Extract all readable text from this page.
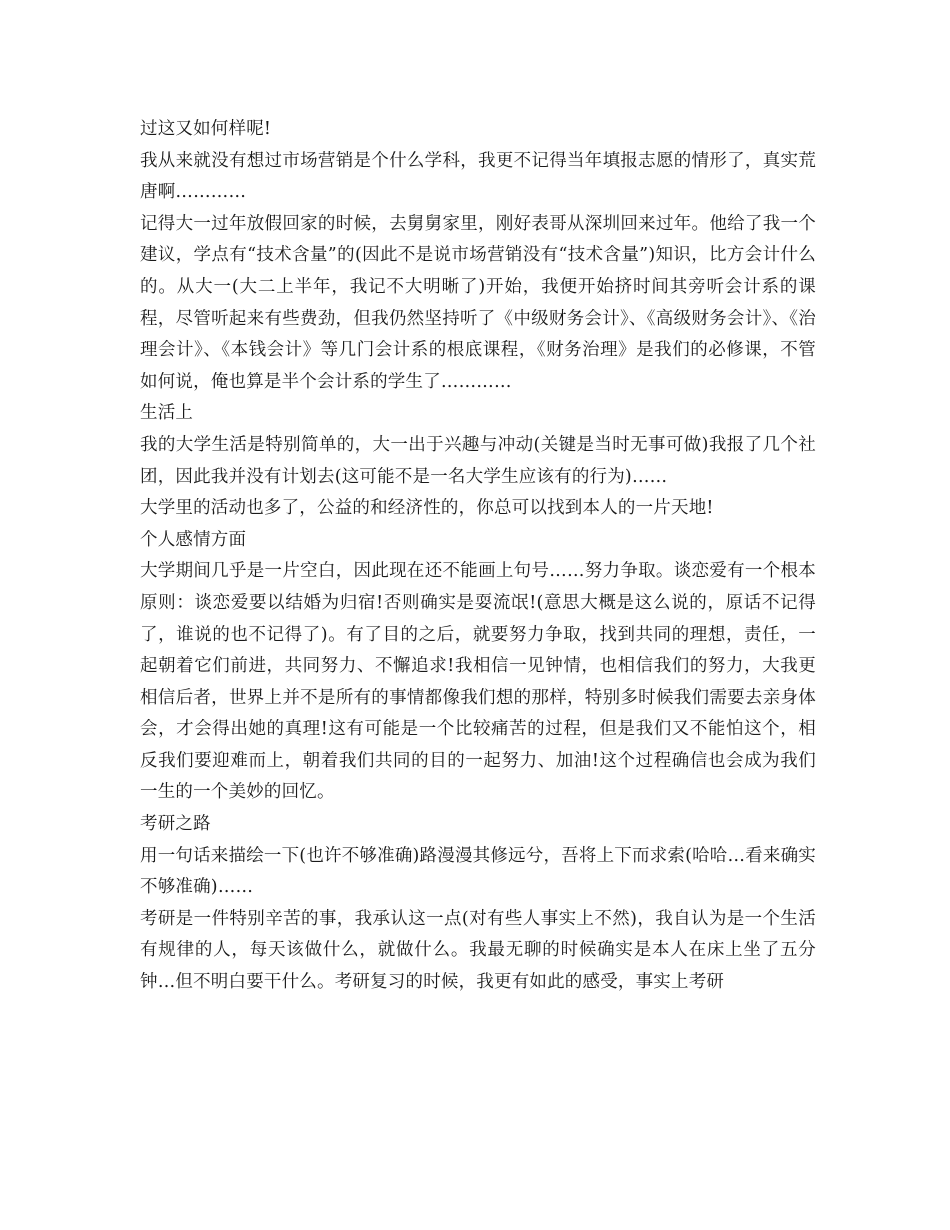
过这又如何样呢!

我从来就没有想过市场营销是个什么学科，我更不记得当年填报志愿的情形了，真实荒唐啊…………

记得大一过年放假回家的时候，去舅舅家里，刚好表哥从深圳回来过年。他给了我一个建议，学点有“技术含量”的(因此不是说市场营销没有“技术含量”)知识，比方会计什么的。从大一(大二上半年，我记不大明晰了)开始，我便开始挤时间其旁听会计系的课程，尽管听起来有些费劲，但我仍然坚持听了《中级财务会计》、《高级财务会计》、《治理会计》、《本钱会计》等几门会计系的根底课程，《财务治理》是我们的必修课，不管如何说，俺也算是半个会计系的学生了…………

生活上

我的大学生活是特别简单的，大一出于兴趣与冲动(关键是当时无事可做)我报了几个社团，因此我并没有计划去(这可能不是一名大学生应该有的行为)……

大学里的活动也多了，公益的和经济性的，你总可以找到本人的一片天地!

个人感情方面

大学期间几乎是一片空白，因此现在还不能画上句号……努力争取。谈恋爱有一个根本原则：谈恋爱要以结婚为归宿!否则确实是耍流氓!(意思大概是这么说的，原话不记得了，谁说的也不记得了)。有了目的之后，就要努力争取，找到共同的理想，责任，一起朝着它们前进，共同努力、不懈追求!我相信一见钟情，也相信我们的努力，大我更相信后者，世界上并不是所有的事情都像我们想的那样，特别多时候我们需要去亲身体会，才会得出她的真理!这有可能是一个比较痛苦的过程，但是我们又不能怕这个，相反我们要迎难而上，朝着我们共同的目的一起努力、加油!这个过程确信也会成为我们一生的一个美妙的回忆。

考研之路

用一句话来描绘一下(也许不够准确)路漫漫其修远兮，吾将上下而求索(哈哈…看来确实不够准确)……

考研是一件特别辛苦的事，我承认这一点(对有些人事实上不然)，我自认为是一个生活有规律的人，每天该做什么，就做什么。我最无聊的时候确实是本人在床上坐了五分钟…但不明白要干什么。考研复习的时候，我更有如此的感受，事实上考研
